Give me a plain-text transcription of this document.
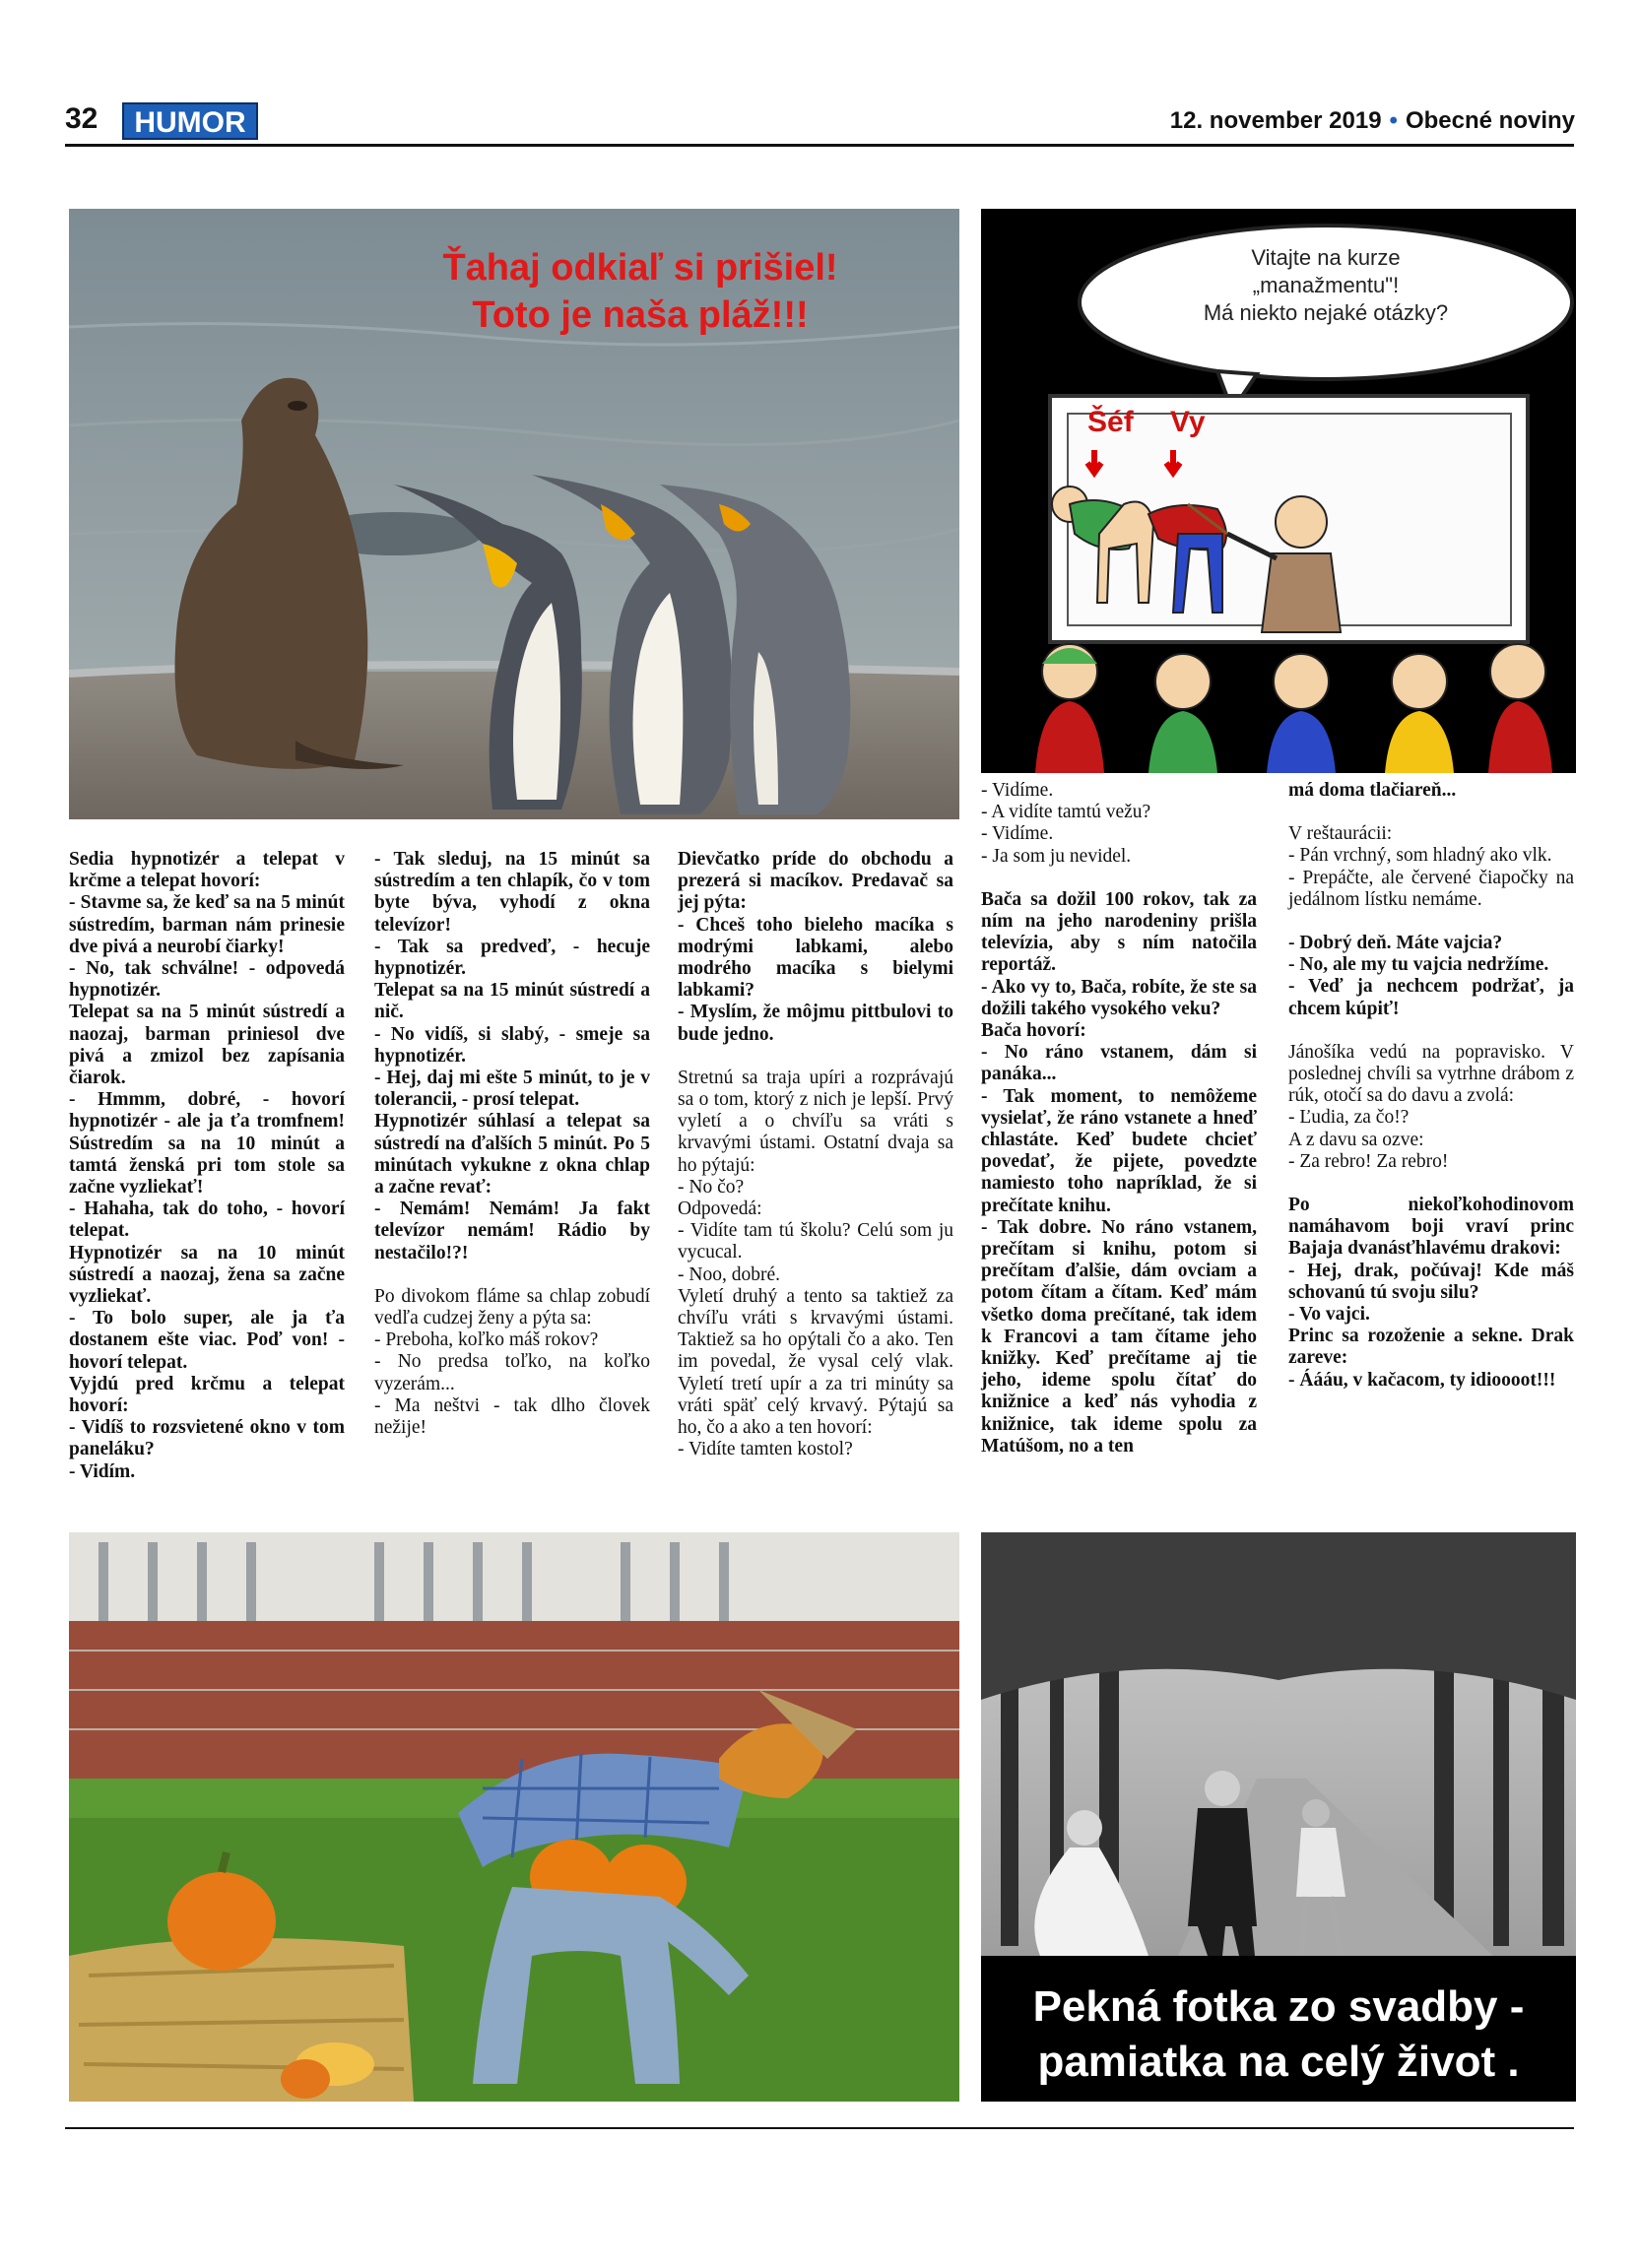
32	HUMOR	12. november 2019 • Obecné noviny
Ťahaj odkiaľ si prišiel!
Toto je naša pláž!!!
Vitajte na kurze
„manažmentu"!
Má niekto nejaké otázky?
Šéf Vy

Sedia hypnotizér a telepat v krčme a telepat hovorí:

- Stavme sa, že keď sa na 5 minút sústredím, barman nám prinesie dve pivá a neurobí čiarky!

- No, tak schválne! - odpovedá hypnotizér.

Telepat sa na 5 minút sústredí a naozaj, barman priniesol dve pivá a zmizol bez zapísania čiarok.

- Hmmm, dobré, - hovorí hypnotizér - ale ja ťa tromfnem! Sústredím sa na 10 minút a tamtá ženská pri tom stole sa začne vyzliekať!

- Hahaha, tak do toho, - hovorí telepat.

Hypnotizér sa na 10 minút sústredí a naozaj, žena sa začne vyzliekať.

- To bolo super, ale ja ťa dostanem ešte viac. Poď von! - hovorí telepat.

Vyjdú pred krčmu a telepat hovorí:

- Vidíš to rozsvietené okno v tom paneláku?

- Vidím.

- Tak sleduj, na 15 minút sa sústredím a ten chlapík, čo v tom byte býva, vyhodí z okna televízor!

- Tak sa predveď, - hecuje hypnotizér.

Telepat sa na 15 minút sústredí a nič.

- No vidíš, si slabý, - smeje sa hypnotizér.

- Hej, daj mi ešte 5 minút, to je v tolerancii, - prosí telepat.

Hypnotizér súhlasí a telepat sa sústredí na ďalších 5 minút. Po 5 minútach vykukne z okna chlap a začne revať:

- Nemám! Nemám! Ja fakt televízor nemám! Rádio by nestačilo!?!

Po divokom fláme sa chlap zobudí vedľa cudzej ženy a pýta sa:

- Preboha, koľko máš rokov?

- No predsa toľko, na koľko vyzerám...

- Ma neštvi - tak dlho človek nežije!

Dievčatko príde do obchodu a prezerá si macíkov. Predavač sa jej pýta:

- Chceš toho bieleho macíka s modrými labkami, alebo modrého macíka s bielymi labkami?

- Myslím, že môjmu pittbulovi to bude jedno.

Stretnú sa traja upíri a rozprávajú sa o tom, ktorý z nich je lepší. Prvý vyletí a o chvíľu sa vráti s krvavými ústami. Ostatní dvaja sa ho pýtajú:

- No čo?

Odpovedá:

- Vidíte tam tú školu? Celú som ju vycucal.

- Noo, dobré.

Vyletí druhý a tento sa taktiež za chvíľu vráti s krvavými ústami. Taktiež sa ho opýtali čo a ako. Ten im povedal, že vysal celý vlak. Vyletí tretí upír a za tri minúty sa vráti späť celý krvavý. Pýtajú sa ho, čo a ako a ten hovorí:

- Vidíte tamten kostol?

- Vidíme.

- A vidíte tamtú vežu?

- Vidíme.

- Ja som ju nevidel.

Bača sa dožil 100 rokov, tak za ním na jeho narodeniny prišla televízia, aby s ním natočila reportáž.

- Ako vy to, Bača, robíte, že ste sa dožili takého vysokého veku?

Bača hovorí:

- No ráno vstanem, dám si panáka...

- Tak moment, to nemôžeme vysielať, že ráno vstanete a hneď chlastáte. Keď budete chcieť povedať, že pijete, povedzte namiesto toho napríklad, že si prečítate knihu.

- Tak dobre. No ráno vstanem, prečítam si knihu, potom si prečítam ďalšie, dám ovciam a potom čítam a čítam. Keď mám všetko doma prečítané, tak idem k Francovi a tam čítame jeho knižky. Keď prečítame aj tie jeho, ideme spolu čítať do knižnice a keď nás vyhodia z knižnice, tak ideme spolu za Matúšom, no a ten

má doma tlačiareň...

V reštaurácii:

- Pán vrchný, som hladný ako vlk.

- Prepáčte, ale červené čiapočky na jedálnom lístku nemáme.

- Dobrý deň. Máte vajcia?

- No, ale my tu vajcia nedržíme.

- Veď ja nechcem podržať, ja chcem kúpiť!

Jánošíka vedú na popravisko. V poslednej chvíli sa vytrhne drábom z rúk, otočí sa do davu a zvolá:

- Ľudia, za čo!?

A z davu sa ozve:

- Za rebro! Za rebro!

Po niekoľkohodinovom namáhavom boji vraví princ Bajaja dvanásťhlavému drakovi:

- Hej, drak, počúvaj! Kde máš schovanú tú svoju silu?

- Vo vajci.

Princ sa rozoženie a sekne. Drak zareve:

- Áááu, v kačacom, ty idioooot!!!

Pekná fotka zo svadby -
pamiatka na celý život .
